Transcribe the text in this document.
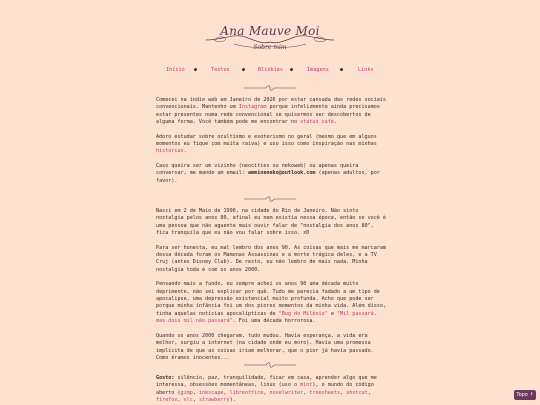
Ana Mauve Moi
Sobre mim
Início ●	Textos ● Blinkies ●	Imagens ●	Links

Comecei na indie web em Janeiro de 2026 por estar cansada das redes sociais convencionais. Mantenho um Instagram porque infelizmente ainda precisamos estar presentes numa rede convencional se quisermos ser descobertos de alguma forma. Você também pode me encontrar no status café.

Adoro estudar sobre ocultismo e esoterismo no geral (mesmo que em alguns momentos eu fique com muita raiva) e uso isso como inspiração nas minhas histórias.

Caso queira ser um vizinho (neocities ou nekoweb) ou apenas queira conversar, me mande um email: ammineneko@outlook.com (apenas adultos, por favor).

Nasci em 2 de Maio de 1990, na cidade do Rio de Janeiro. Não sinto nostalgia pelos anos 80, afinal eu nem existia nessa época, então se você é uma pessoa que não aguenta mais ouvir falar de "nostalgia dos anos 80", fica tranquila que eu não vou falar sobre isso. xD

Para ser honesta, eu mal lembro dos anos 90. As coisas que mais me marcaram dessa década foram os Mamonas Assassinas e a morte trágica deles, e a TV Cruj (antes Disney Club). De resto, eu não lembro de mais nada. Minha nostalgia toda é com os anos 2000.

Pensando mais a fundo, eu sempre achei os anos 90 uma década muito deprimente, não sei explicar por quê. Tudo me parecia fadado a um tipo de apocalipse, uma depressão existencial muito profunda. Acho que pode ser porque minha infância foi um dos piores momentos da minha vida. Além disso, tinha aquelas notícias apocalípticas de "Bug do Milênio" e "Mil passará, mas dois mil não passará". Foi uma década horrorosa.

Quando os anos 2000 chegaram, tudo mudou. Havia esperança, a vida era melhor, surgiu a internet (na cidade onde eu moro). Havia uma promessa implícita de que as coisas iriam melhorar, que o pior já havia passado. Como éramos inocentes...

Gosto: silêncio, paz, tranquilidade, ficar em casa, aprender algo que me interessa, obsessões momentâneas, linux (uso o mint), o mundo do código aberto (gimp, inkscape, libreoffice, novelwriter, treesheets, shotcut, firefox, vlc, strawberry).

Topo ↑
